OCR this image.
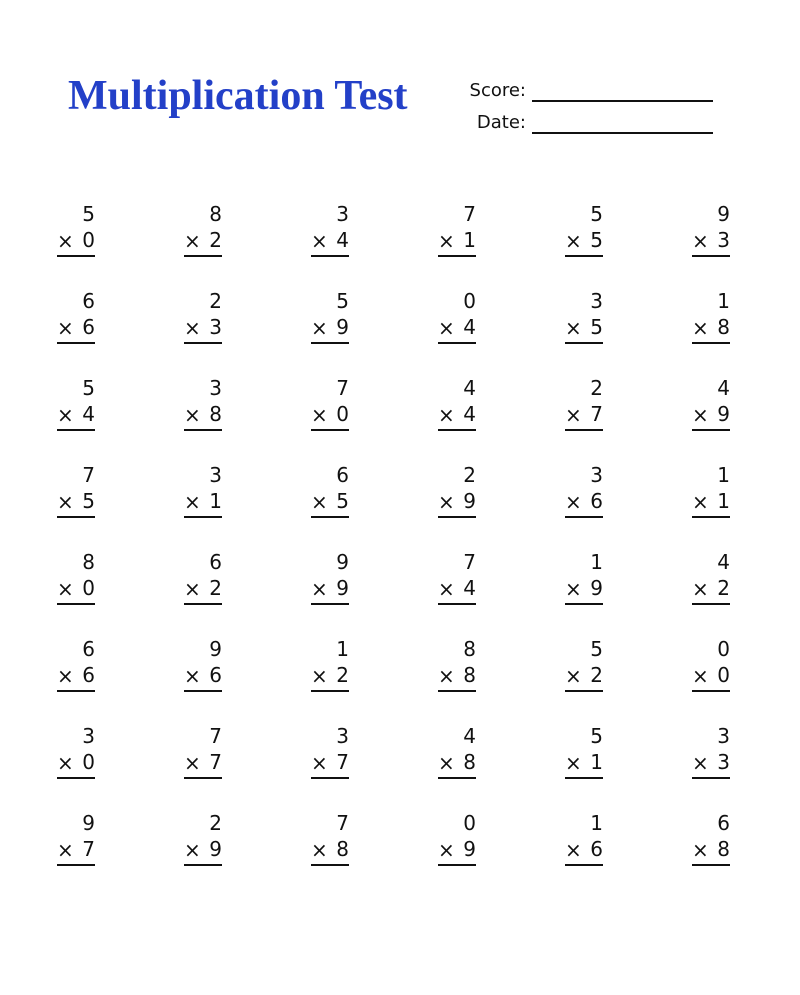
Multiplication Test	Score:
Date:
5
× 0
8
× 2
3
× 4
7
× 1
5
× 5
9
× 3
6
× 6
2
× 3
5
× 9
0
× 4
3
× 5
1
× 8
5
× 4
3
× 8
7
× 0
4
× 4
2
× 7
4
× 9
7
× 5
3
× 1
6
× 5
2
× 9
3
× 6
1
× 1
8
× 0
6
× 2
9
× 9
7
× 4
1
× 9
4
× 2
6
× 6
9
× 6
1
× 2
8
× 8
5
× 2
0
× 0
3
× 0
7
× 7
3
× 7
4
× 8
5
× 1
3
× 3
9
× 7
2
× 9
7
× 8
0
× 9
1
× 6
6
× 8
